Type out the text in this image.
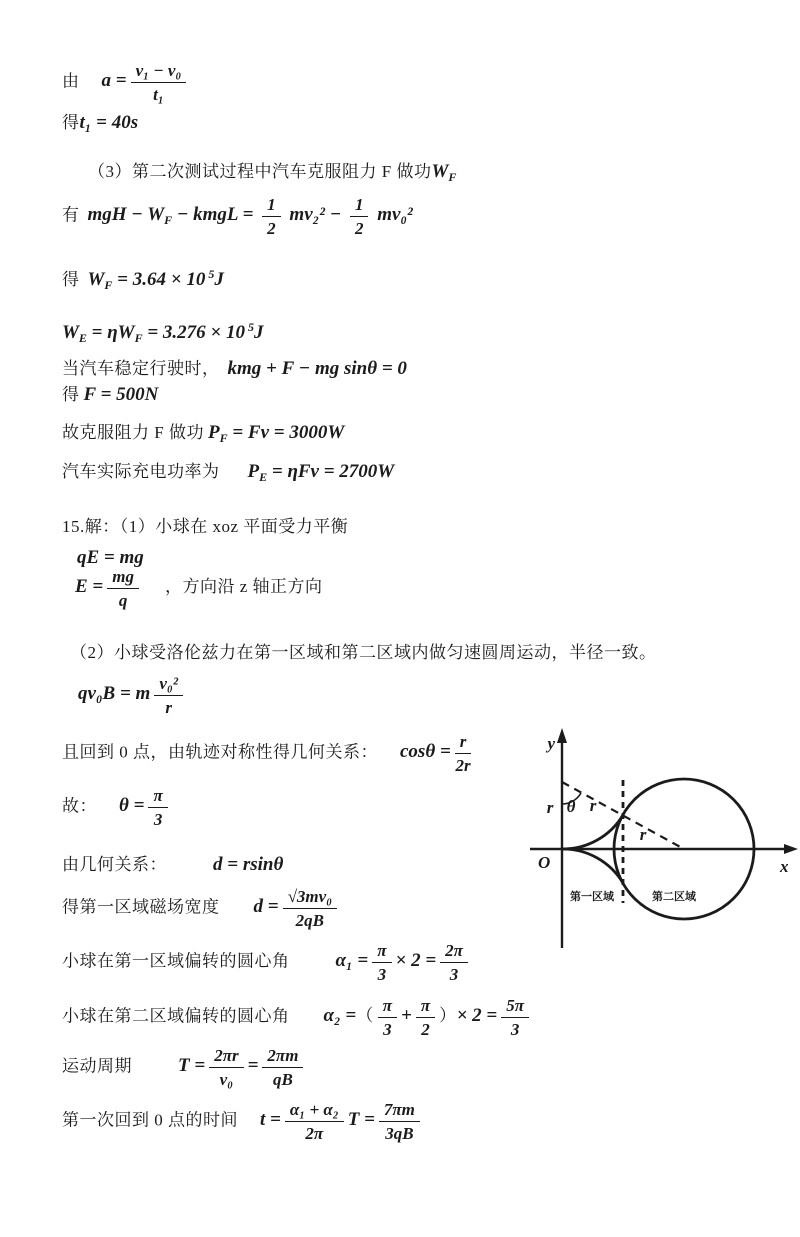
由 $a = \frac{\text{v₁ − v₀}}{\text{t₁}}$
得t₁ = 40s
（3）第二次测试过程中汽车克服阻力 F 做功$W_F$
有 mgH − $W_F$ − kmgL = $\frac{1}{2} mv_2^2 - \frac{1}{2} mv_0^2$
得 $W_F = 3.64 \times 10$ $^5$J
$W_E = \eta W_F = 3.276 \times 10$ $^5$J
当汽车稳定行驶时， kmg + F − mg sinθ = 0
得 F = 500N
故克服阻力 F 做功 $P_F = Fv = 3000W$
汽车实际充电功率为 $P_E = \eta Fv = 2700W$
15.解：（1）小球在 xoz 平面受力平衡
qE = mg
$E = \frac{mg}{q}$ ，方向沿 z 轴正方向
（2）小球受洛伦兹力在第一区域和第二区域内做匀速圆周运动，半径一致。
qv₀B = m $\frac{\text{v₀²}}{r}$
且回到 0 点，由轨迹对称性得几何关系： $\cos\theta = \frac{r}{2r}$
故： $\theta = \frac{\pi}{3}$
由几何关系： d = rsinθ
得第一区域磁场宽度 $d = \frac{\text{√3mv₀}}{2qB}$
小球在第一区域偏转的圆心角 $\alpha_1 = \frac{\pi}{3} \times 2 = \frac{2\pi}{3}$
小球在第二区域偏转的圆心角 α₂ =（ $\frac{\pi}{3} + \frac{\pi}{2}$ ）× $2 = \frac{5\pi}{3}$
运动周期 $T = \frac{2\pi r}{\text{v₀}} = \frac{2\pi m}{qB}$
第一次回到 0 点的时间 $t = \frac{\text{α₁ + α₂}}{2\pi}$ $T = \frac{7\pi m}{3qB}$
y
x
O
r θ r
r
第一区域	第二区域
